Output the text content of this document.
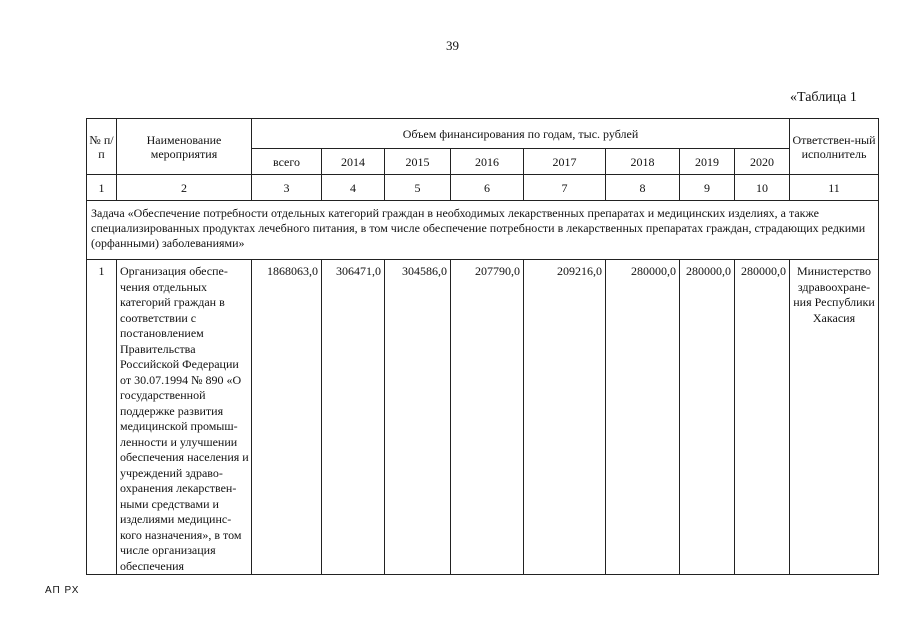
39
«Таблица 1
№ п/п	Наименование мероприятия	Объем финансирования по годам, тыс. рублей								Ответствен-ный исполнитель
		всего	2014	2015	2016	2017	2018	2019	2020	
1	2	3	4	5	6	7	8	9	10	11
Задача «Обеспечение потребности отдельных категорий граждан в необходимых лекарственных препаратах и медицинских изделиях, а также специализированных продуктах лечебного питания, в том числе обеспечение потребности в лекарственных препаратах граждан, страдающих редкими (орфанными) заболеваниями»										
1	Организация обеспе-чения отдельных категорий граждан в соответствии с постановлением Правительства Российской Федерации от 30.07.1994 № 890 «О государственной поддержке развития медицинской промыш-ленности и улучшении обеспечения населения и учреждений здраво-охранения лекарствен-ными средствами и изделиями медицинс-кого назначения», в том числе организация обеспечения	1868063,0	306471,0	304586,0	207790,0	209216,0	280000,0	280000,0	280000,0	Министерство здравоохране-ния Республики Хакасия
АП РХ
